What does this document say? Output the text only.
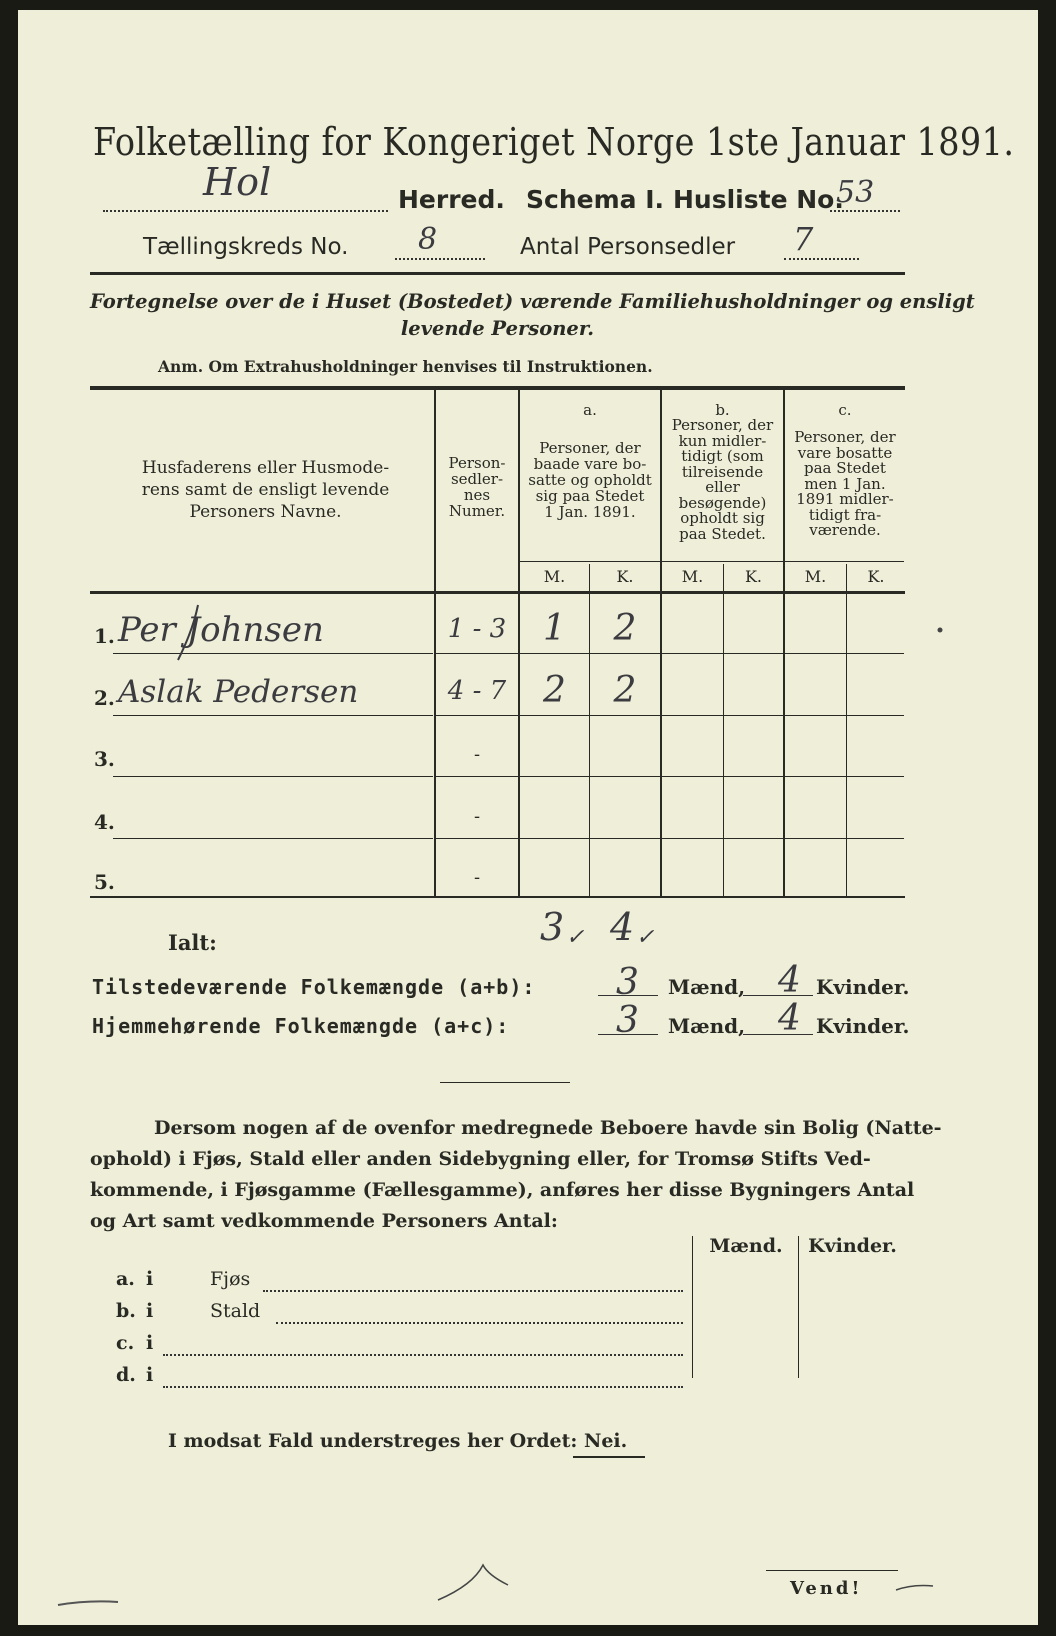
Folketælling for Kongeriget Norge 1ste Januar 1891.
Hol	Herred. Schema I. Husliste No.
53
Tællingskreds No. 8	Antal Personsedler 7
Fortegnelse over de i Huset (Bostedet) værende Familiehusholdninger og ensligt
levende Personer.
Anm. Om Extrahusholdninger henvises til Instruktionen.
Husfaderens eller Husmode-
rens samt de ensligt levende
Personers Navne.
Person-
sedler-
nes
Numer.
a.
Personer, der
baade vare bo-
satte og opholdt
sig paa Stedet
1 Jan. 1891.
b.
Personer, der
kun midler-
tidigt (som
tilreisende
eller
besøgende)
opholdt sig
paa Stedet.
c.
Personer, der
vare bosatte
paa Stedet
men 1 Jan.
1891 midler-
tidigt fra-
værende.
M.	K.	M.	K.	M.	K.
1. Per Johnsen	1 - 3	1	2
2. Aslak Pedersen	4 - 7	2	2
3.	-
4.	-
5.	-
Ialt:	3 ✓ 4 ✓
Tilstedeværende Folkemængde (a+b): 3 Mænd, 4 Kvinder.
Hjemmehørende Folkemængde (a+c):	3 Mænd, 4 Kvinder.
Dersom nogen af de ovenfor medregnede Beboere havde sin Bolig (Natte-
ophold) i Fjøs, Stald eller anden Sidebygning eller, for Tromsø Stifts Ved-
kommende, i Fjøsgamme (Fællesgamme), anføres her disse Bygningers Antal
og Art samt vedkommende Personers Antal:
Mænd.	Kvinder.
a. i	Fjøs
b. i	Stald
c. i
d. i
I modsat Fald understreges her Ordet: Nei.
Vend!
